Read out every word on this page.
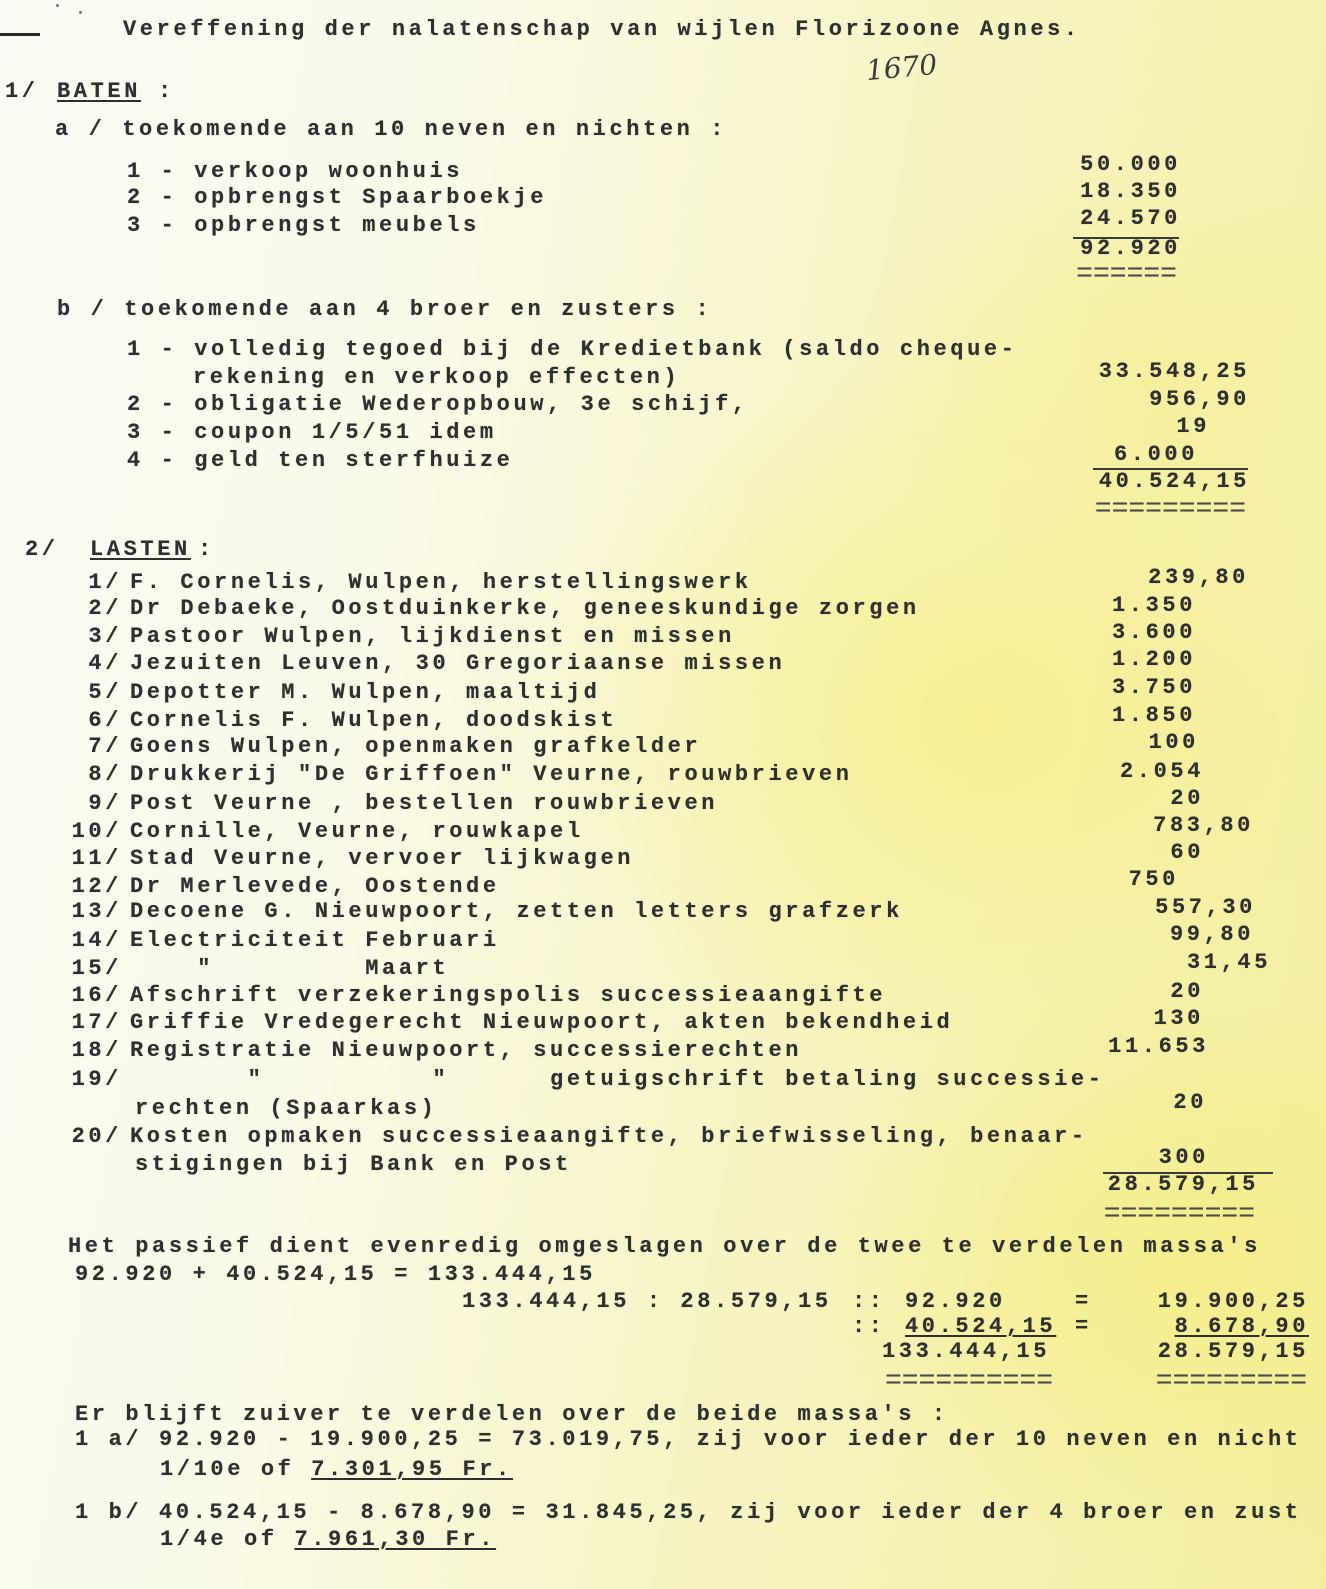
Vereffening der nalatenschap van wijlen Florizoone Agnes.
1670
1/ BATEN :
a / toekomende aan 10 neven en nichten :
1 - verkoop woonhuis	50.000
2 - opbrengst Spaarboekje	18.350
3 - opbrengst meubels	24.570
92.920
======
b / toekomende aan 4 broer en zusters :
1 - volledig tegoed bij de Kredietbank (saldo cheque-
rekening en verkoop effecten)	33.548,25
2 - obligatie Wederopbouw, 3e schijf,	956,90
3 - coupon 1/5/51 idem	19
4 - geld ten sterfhuize	6.000
40.524,15
=========
2/ LASTEN :
1/ F. Cornelis, Wulpen, herstellingswerk	239,80
2/ Dr Debaeke, Oostduinkerke, geneeskundige zorgen	1.350
3/ Pastoor Wulpen, lijkdienst en missen	3.600
4/ Jezuiten Leuven, 30 Gregoriaanse missen	1.200
5/ Depotter M. Wulpen, maaltijd	3.750
6/ Cornelis F. Wulpen, doodskist	1.850
7/ Goens Wulpen, openmaken grafkelder	100
8/ Drukkerij "De Griffoen" Veurne, rouwbrieven	2.054
9/ Post Veurne , bestellen rouwbrieven	20
10/ Cornille, Veurne, rouwkapel	783,80
11/ Stad Veurne, vervoer lijkwagen	60
12/ Dr Merlevede, Oostende	750
13/ Decoene G. Nieuwpoort, zetten letters grafzerk	557,30
14/ Electriciteit Februari	99,80
15/ "         Maart	31,45
16/ Afschrift verzekeringspolis successieaangifte	20
17/ Griffie Vredegerecht Nieuwpoort, akten bekendheid	130
18/ Registratie Nieuwpoort, successierechten	11.653
19/ "          "      getuigschrift betaling successie-
rechten (Spaarkas)	20
20/ Kosten opmaken successieaangifte, briefwisseling, benaar-
stigingen bij Bank en Post	300
28.579,15
=========
Het passief dient evenredig omgeslagen over de twee te verdelen massa's
92.920 + 40.524,15 = 133.444,15
133.444,15 : 28.579,15 :: 92.920	=	19.900,25
:: 40.524,15 =	8.678,90
133.444,15	28.579,15
==========	=========
Er blijft zuiver te verdelen over de beide massa's :
1 a/ 92.920 - 19.900,25 = 73.019,75, zij voor ieder der 10 neven en nicht
1/10e of 7.301,95 Fr.
1 b/ 40.524,15 - 8.678,90 = 31.845,25, zij voor ieder der 4 broer en zust
1/4e of 7.961,30 Fr.
